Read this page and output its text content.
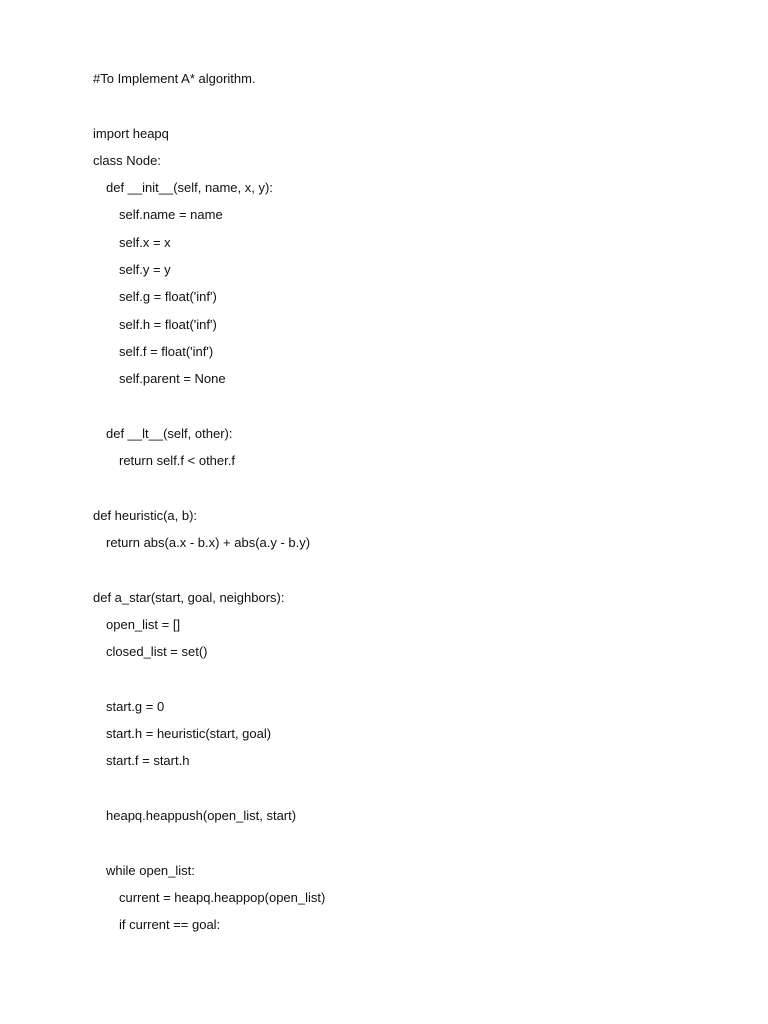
#To Implement A* algorithm.
import heapq
class Node:
def __init__(self, name, x, y):
self.name = name
self.x = x
self.y = y
self.g = float('inf')
self.h = float('inf')
self.f = float('inf')
self.parent = None
def __lt__(self, other):
return self.f < other.f
def heuristic(a, b):
return abs(a.x - b.x) + abs(a.y - b.y)
def a_star(start, goal, neighbors):
open_list = []
closed_list = set()
start.g = 0
start.h = heuristic(start, goal)
start.f = start.h
heapq.heappush(open_list, start)
while open_list:
current = heapq.heappop(open_list)
if current == goal:
